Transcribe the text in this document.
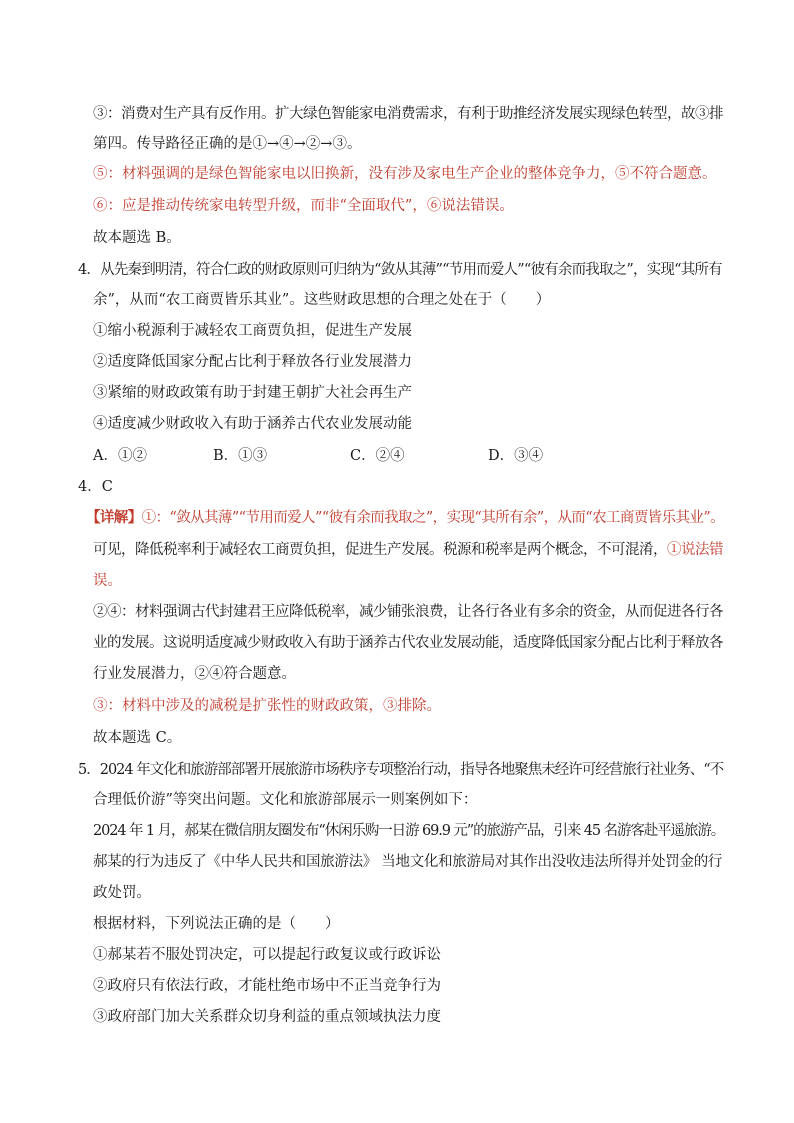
③：消费对生产具有反作用。扩大绿色智能家电消费需求，有利于助推经济发展实现绿色转型，故③排
第四。传导路径正确的是①→④→②→③。
⑤：材料强调的是绿色智能家电以旧换新，没有涉及家电生产企业的整体竞争力，⑤不符合题意。
⑥：应是推动传统家电转型升级，而非“全面取代”，⑥说法错误。
故本题选 B。
4．从先秦到明清，符合仁政的财政原则可归纳为“敛从其薄”“节用而爱人”“彼有余而我取之”，实现“其所有
余”，从而“农工商贾皆乐其业”。这些财政思想的合理之处在于（　　）
①缩小税源利于减轻农工商贾负担，促进生产发展
②适度降低国家分配占比利于释放各行业发展潜力
③紧缩的财政政策有助于封建王朝扩大社会再生产
④适度减少财政收入有助于涵养古代农业发展动能
A．①②	B．①③	C．②④	D．③④
4．C
【详解】①：“敛从其薄”“节用而爱人”“彼有余而我取之”，实现“其所有余”，从而“农工商贾皆乐其业”。
可见，降低税率利于减轻农工商贾负担，促进生产发展。税源和税率是两个概念，不可混淆，①说法错
误。
②④：材料强调古代封建君王应降低税率，减少铺张浪费，让各行各业有多余的资金，从而促进各行各
业的发展。这说明适度减少财政收入有助于涵养古代农业发展动能，适度降低国家分配占比利于释放各
行业发展潜力，②④符合题意。
③：材料中涉及的减税是扩张性的财政政策，③排除。
故本题选 C。
5．2024 年文化和旅游部部署开展旅游市场秩序专项整治行动，指导各地聚焦未经许可经营旅行社业务、“不
合理低价游”等突出问题。文化和旅游部展示一则案例如下：
2024 年 1 月，郝某在微信朋友圈发布“休闲乐购一日游 69.9 元”的旅游产品，引来 45 名游客赴平遥旅游。
郝某的行为违反了《中华人民共和国旅游法》 当地文化和旅游局对其作出没收违法所得并处罚金的行
政处罚。
根据材料，下列说法正确的是（　　）
①郝某若不服处罚决定，可以提起行政复议或行政诉讼
②政府只有依法行政，才能杜绝市场中不正当竞争行为
③政府部门加大关系群众切身利益的重点领域执法力度
